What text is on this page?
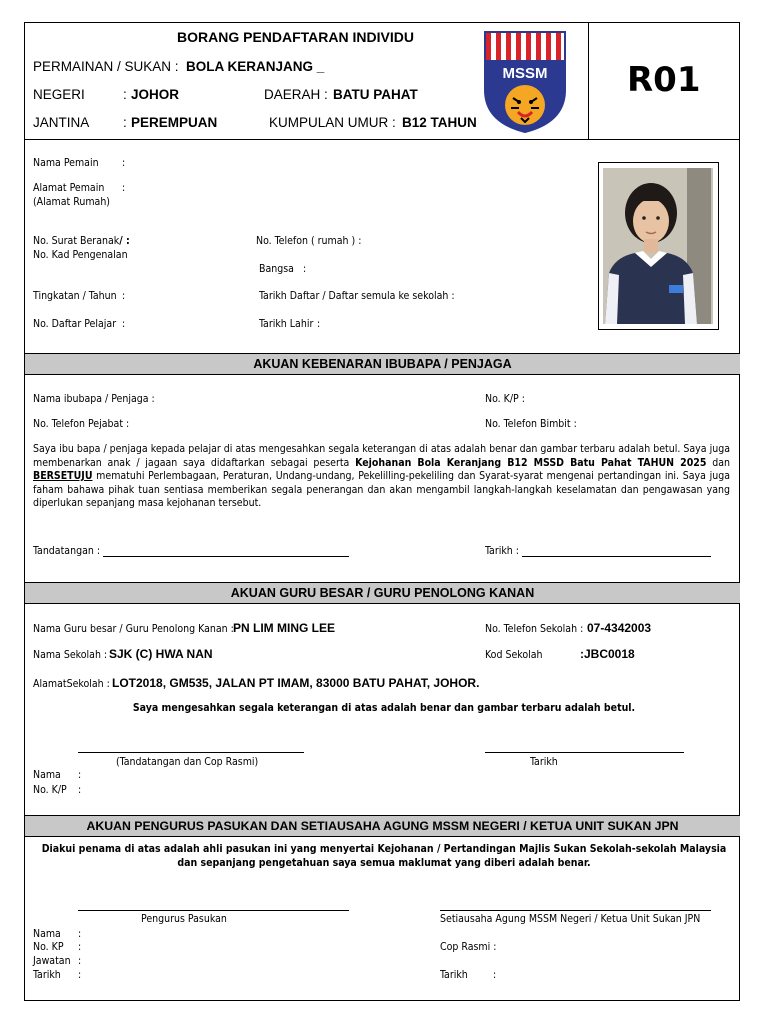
BORANG PENDAFTARAN INDIVIDU
PERMAINAN / SUKAN : BOLA KERANJANG _
NEGERI	: JOHOR	DAERAH : BATU PAHAT
JANTINA : PEREMPUAN	KUMPULAN UMUR : B12 TAHUN
MSSM R01
Nama Pemain :
Alamat Pemain
(Alamat Rumah)
:
No. Surat Beranak/ :
No. Kad Pengenalan
No. Telefon ( rumah ) :
Bangsa :
Tingkatan / Tahun :	Tarikh Daftar / Daftar semula ke sekolah :
No. Daftar Pelajar :	Tarikh Lahir :
AKUAN KEBENARAN IBUBAPA / PENJAGA
Nama ibubapa / Penjaga :	No. K/P :
No. Telefon Pejabat :	No. Telefon Bimbit :
Saya ibu bapa / penjaga kepada pelajar di atas mengesahkan segala keterangan di atas adalah benar dan gambar terbaru adalah betul. Saya juga membenarkan anak / jagaan saya didaftarkan sebagai peserta Kejohanan Bola Keranjang B12 MSSD Batu Pahat TAHUN 2025 dan BERSETUJU mematuhi Perlembagaan, Peraturan, Undang-undang, Pekelilling-pekeliling dan Syarat-syarat mengenai pertandingan ini. Saya juga faham bahawa pihak tuan sentiasa memberikan segala penerangan dan akan mengambil langkah-langkah keselamatan dan pengawasan yang diperlukan sepanjang masa kejohanan tersebut.
Tandatangan :	Tarikh :
AKUAN GURU BESAR / GURU PENOLONG KANAN
Nama Guru besar / Guru Penolong Kanan : PN LIM MING LEE	No. Telefon Sekolah : 07-4342003
Nama Sekolah : SJK (C) HWA NAN	Kod Sekolah	:JBC0018
AlamatSekolah : LOT2018, GM535, JALAN PT IMAM, 83000 BATU PAHAT, JOHOR.
Saya mengesahkan segala keterangan di atas adalah benar dan gambar terbaru adalah betul.
(Tandatangan dan Cop Rasmi)	Tarikh
Nama :
No. K/P :
AKUAN PENGURUS PASUKAN DAN SETIAUSAHA AGUNG MSSM NEGERI / KETUA UNIT SUKAN JPN
Diakui penama di atas adalah ahli pasukan ini yang menyertai Kejohanan / Pertandingan Majlis Sukan Sekolah-sekolah Malaysia
dan sepanjang pengetahuan saya semua maklumat yang diberi adalah benar.
Pengurus Pasukan	Setiausaha Agung MSSM Negeri / Ketua Unit Sukan JPN
Nama :
No. KP :
Jawatan :
Tarikh :
Cop Rasmi :
Tarikh :
